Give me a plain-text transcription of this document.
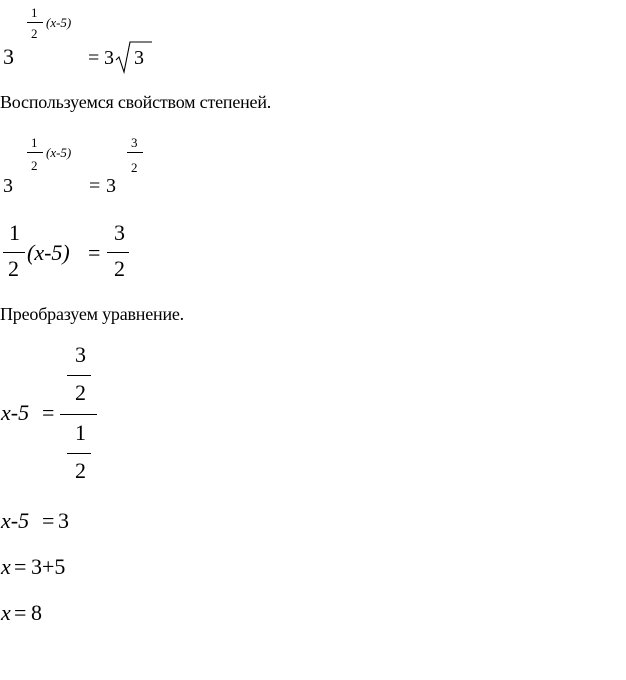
3
1
2
(x-5)
= 3 3
Воспользуемся свойством степеней.
3
1
2
(x-5)
= 3
3
2
1
2
(x-5) =
3
2
Преобразуем уравнение.
x-5 =
3
2
1
2
x-5 = 3
x = 3+5
x = 8
